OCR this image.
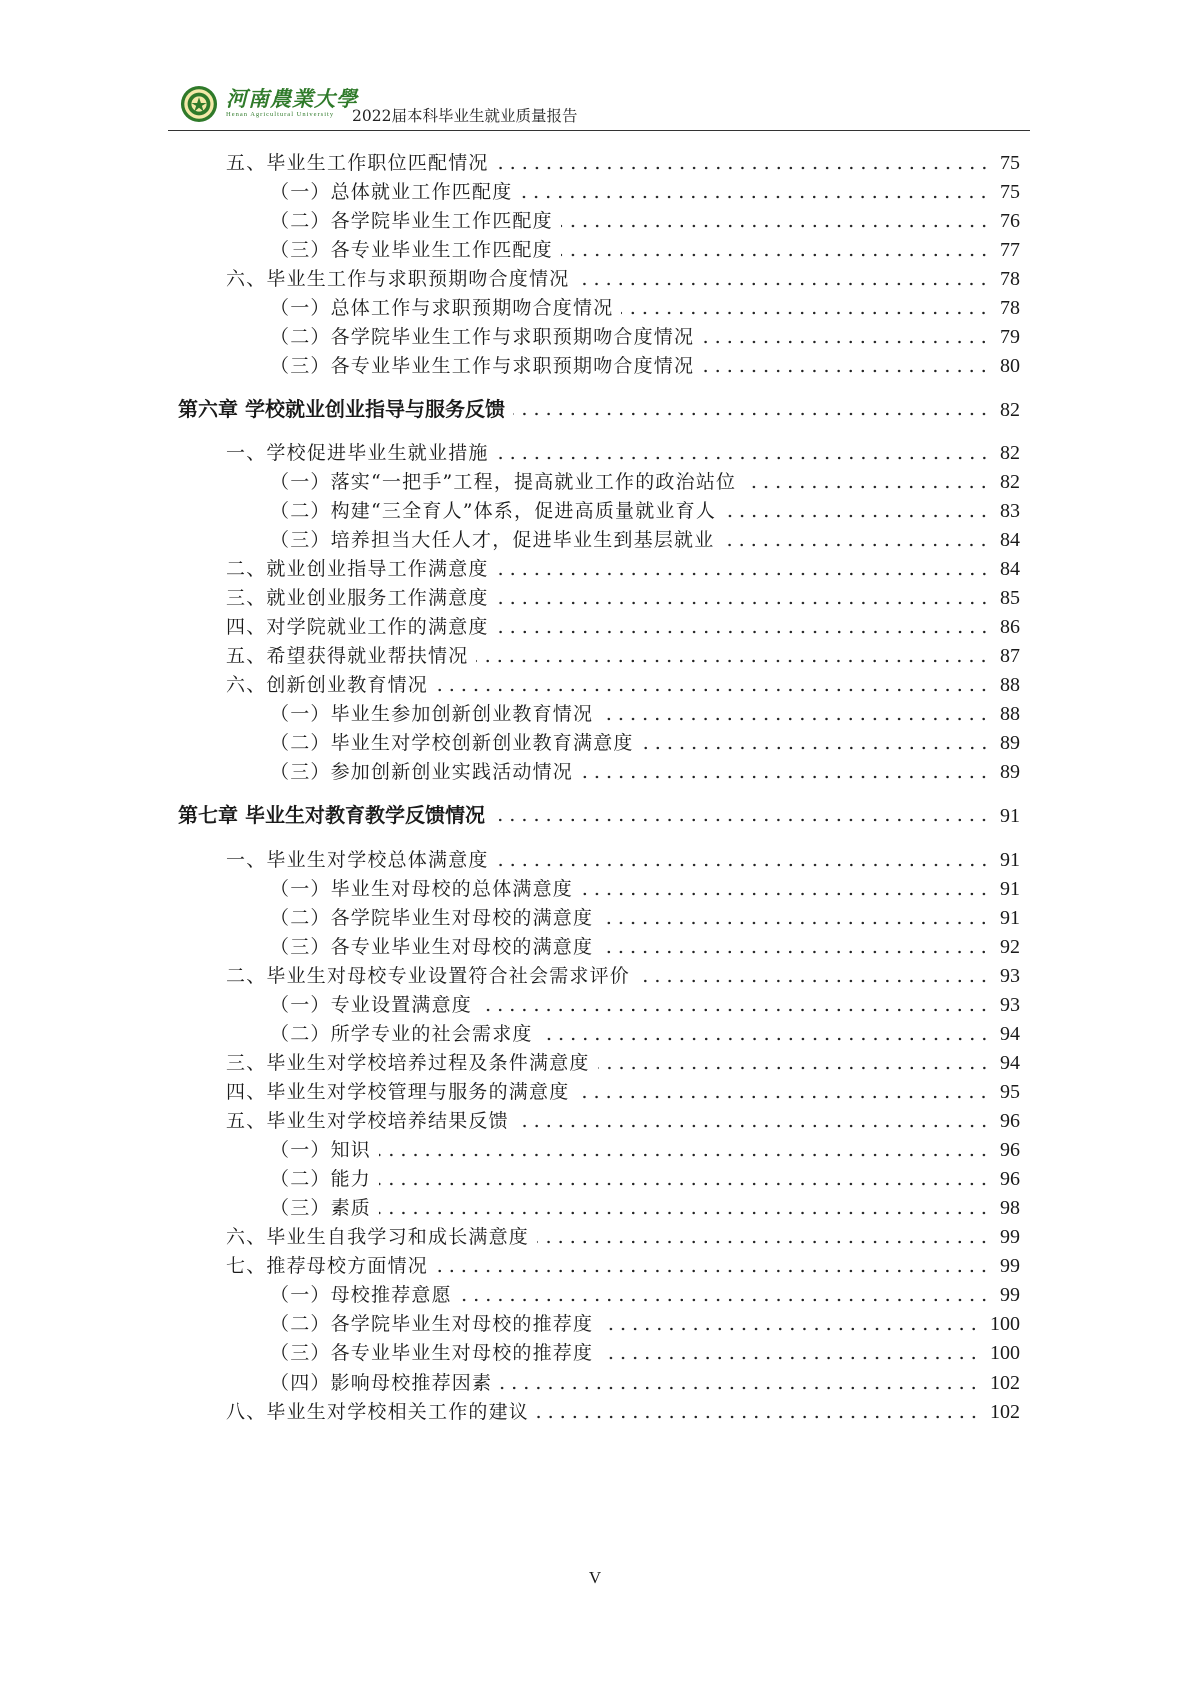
河南農業大學
Henan Agricultural University 2022届本科毕业生就业质量报告
五、毕业生工作职位匹配情况	75
（一）总体就业工作匹配度	75
（二）各学院毕业生工作匹配度	76
（三）各专业毕业生工作匹配度	77
六、毕业生工作与求职预期吻合度情况	78
（一）总体工作与求职预期吻合度情况	78
（二）各学院毕业生工作与求职预期吻合度情况	79
（三）各专业毕业生工作与求职预期吻合度情况	80
第六章 学校就业创业指导与服务反馈	82
一、学校促进毕业生就业措施	82
（一）落实“一把手”工程，提高就业工作的政治站位	82
（二）构建“三全育人”体系，促进高质量就业育人	83
（三）培养担当大任人才，促进毕业生到基层就业	84
二、就业创业指导工作满意度	84
三、就业创业服务工作满意度	85
四、对学院就业工作的满意度	86
五、希望获得就业帮扶情况	87
六、创新创业教育情况	88
（一）毕业生参加创新创业教育情况	88
（二）毕业生对学校创新创业教育满意度	89
（三）参加创新创业实践活动情况	89
第七章 毕业生对教育教学反馈情况	91
一、毕业生对学校总体满意度	91
（一）毕业生对母校的总体满意度	91
（二）各学院毕业生对母校的满意度	91
（三）各专业毕业生对母校的满意度	92
二、毕业生对母校专业设置符合社会需求评价	93
（一）专业设置满意度	93
（二）所学专业的社会需求度	94
三、毕业生对学校培养过程及条件满意度	94
四、毕业生对学校管理与服务的满意度	95
五、毕业生对学校培养结果反馈	96
（一）知识	96
（二）能力	96
（三）素质	98
六、毕业生自我学习和成长满意度	99
七、推荐母校方面情况	99
（一）母校推荐意愿	99
（二）各学院毕业生对母校的推荐度	100
（三）各专业毕业生对母校的推荐度	100
（四）影响母校推荐因素	102
八、毕业生对学校相关工作的建议	102
V
